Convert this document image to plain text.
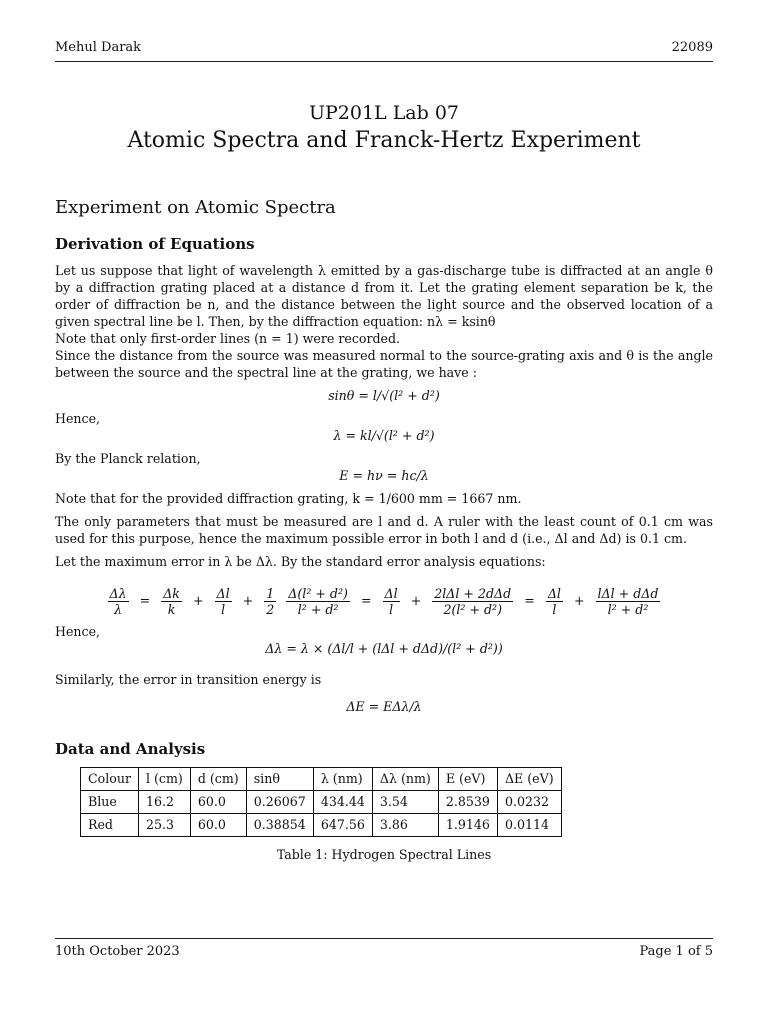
Mehul Darak	22089
UP201L Lab 07
Atomic Spectra and Franck-Hertz Experiment
Experiment on Atomic Spectra
Derivation of Equations

Let us suppose that light of wavelength λ emitted by a gas-discharge tube is diffracted at an angle θ by a diffraction grating placed at a distance d from it. Let the grating element separation be k, the order of diffraction be n, and the distance between the light source and the observed location of a given spectral line be l. Then, by the diffraction equation: nλ = ksinθ

Note that only first-order lines (n = 1) were recorded.

Since the distance from the source was measured normal to the source-grating axis and θ is the angle between the source and the spectral line at the grating, we have :

sinθ = l/√(l² + d²)

Hence,

λ = kl/√(l² + d²)

By the Planck relation,

E = hν = hc/λ

Note that for the provided diffraction grating, k = 1/600 mm = 1667 nm.

The only parameters that must be measured are l and d. A ruler with the least count of 0.1 cm was used for this purpose, hence the maximum possible error in both l and d (i.e., Δl and Δd) is 0.1 cm.

Let the maximum error in λ be Δλ. By the standard error analysis equations:

$\frac{\Delta\lambda}{\lambda} = \frac{\Delta k}{k} + \frac{\Delta l}{l} + \frac{1}{2}$
$\frac{\text{Δ(l² + d²)}}{\text{l² + d²}} = \frac{\Delta l}{l} + \frac{\text{2lΔl + 2dΔd}}{\text{2(l² + d²)}} = \frac{\Delta l}{l} + \frac{\text{lΔl + dΔd}}{\text{l² + d²}}$

Hence,

Δλ = λ × (Δl/l + (lΔl + dΔd)/(l² + d²))

Similarly, the error in transition energy is

ΔE = EΔλ/λ
Data and Analysis
Colour	l (cm)	d (cm)	sinθ	λ (nm)	Δλ (nm)	E (eV)	ΔE (eV)
Blue	16.2	60.0	0.26067	434.44	3.54	2.8539	0.0232
Red	25.3	60.0	0.38854	647.56	3.86	1.9146	0.0114
Table 1: Hydrogen Spectral Lines
10th October 2023	Page 1 of 5
